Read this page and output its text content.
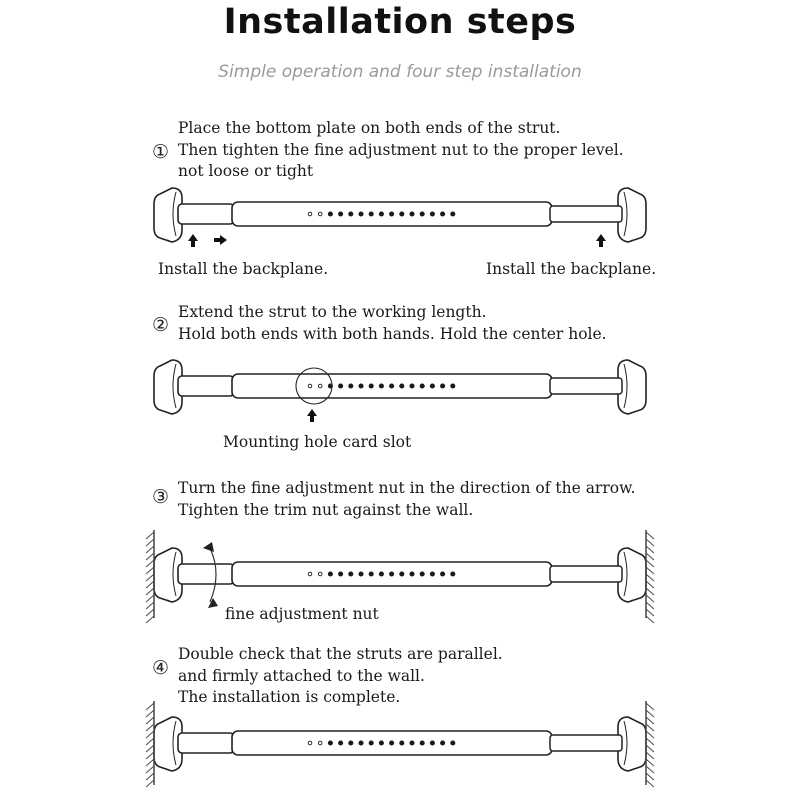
Installation steps
Simple operation and four step installation
①
Place the bottom plate on both ends of the strut.
Then tighten the fine adjustment nut to the proper level.
not loose or tight
Install the backplane.	Install the backplane.
②
Extend the strut to the working length.
Hold both ends with both hands. Hold the center hole.
Mounting hole card slot
③ Turn the fine adjustment nut in the direction of the arrow.
Tighten the trim nut against the wall.
fine adjustment nut
④
Double check that the struts are parallel.
and firmly attached to the wall.
The installation is complete.
